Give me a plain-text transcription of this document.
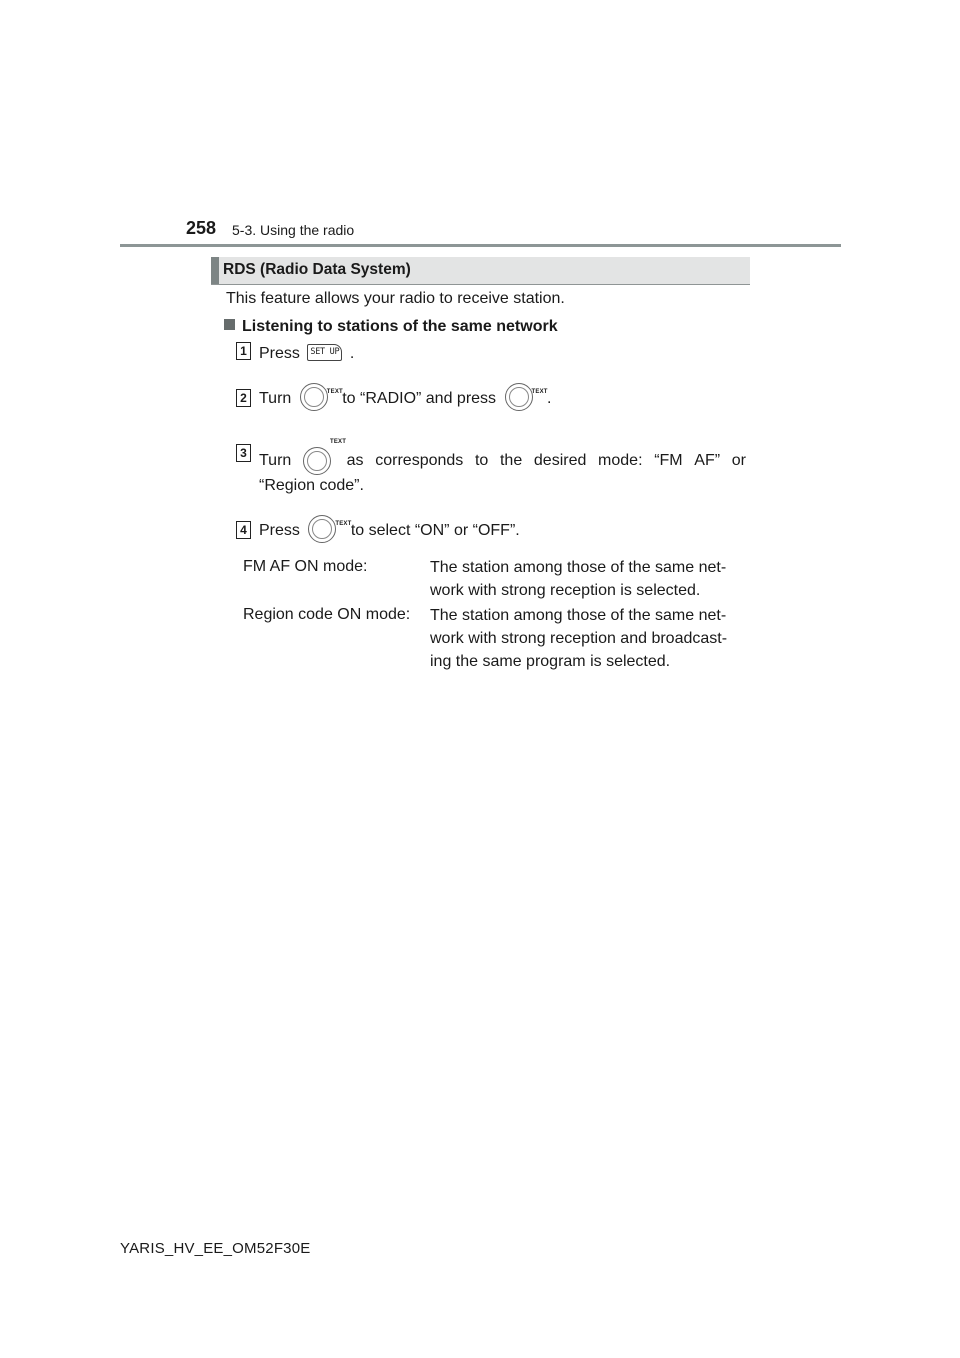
258 5-3. Using the radio
RDS (Radio Data System)
This feature allows your radio to receive station.
Listening to stations of the same network
1 Press SET UP .
2 Turn	TEXT to “RADIO” and press	TEXT .
3 Turn
TEXT
as corresponds to the desired mode: “FM AF” or
“Region code”.
4 Press	TEXT to select “ON” or “OFF”.
FM AF ON mode:	The station among those of the same net-
work with strong reception is selected.
Region code ON mode: The station among those of the same net-
work with strong reception and broadcast-
ing the same program is selected.
YARIS_HV_EE_OM52F30E
